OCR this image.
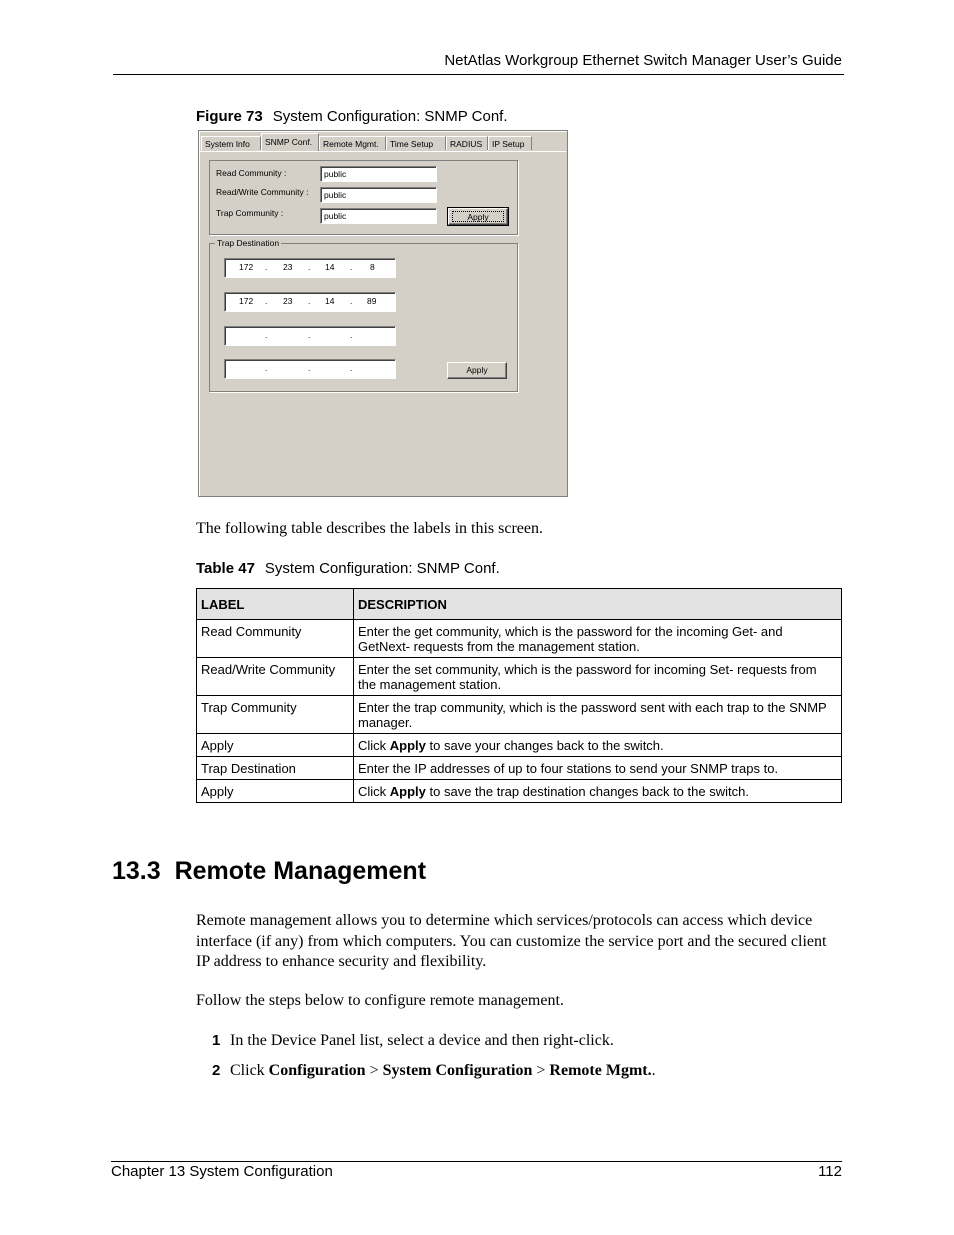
NetAtlas Workgroup Ethernet Switch Manager User’s Guide
Figure 73 System Configuration: SNMP Conf.
System Info	SNMP Conf.	Remote Mgmt.	Time Setup	RADIUS	IP Setup
Read Community :	public
Read/Write Community :	public
Trap Community :	public	Apply
Trap Destination
172 . 23 . 14 . 8
172 . 23 . 14 . 89
.	.	.
.	.	.	Apply
The following table describes the labels in this screen.
Table 47 System Configuration: SNMP Conf.
LABEL	DESCRIPTION
Read Community	Enter the get community, which is the password for the incoming Get- and GetNext- requests from the management station.
Read/Write Community	Enter the set community, which is the password for incoming Set- requests from the management station.
Trap Community	Enter the trap community, which is the password sent with each trap to the SNMP manager.
Apply	Click Apply to save your changes back to the switch.
Trap Destination	Enter the IP addresses of up to four stations to send your SNMP traps to.
Apply	Click Apply to save the trap destination changes back to the switch.
13.3 Remote Management
Remote management allows you to determine which services/protocols can access which device interface (if any) from which computers. You can customize the service port and the secured client IP address to enhance security and flexibility.
Follow the steps below to configure remote management.
1 In the Device Panel list, select a device and then right-click.
2 Click Configuration > System Configuration > Remote Mgmt..
Chapter 13 System Configuration	112
